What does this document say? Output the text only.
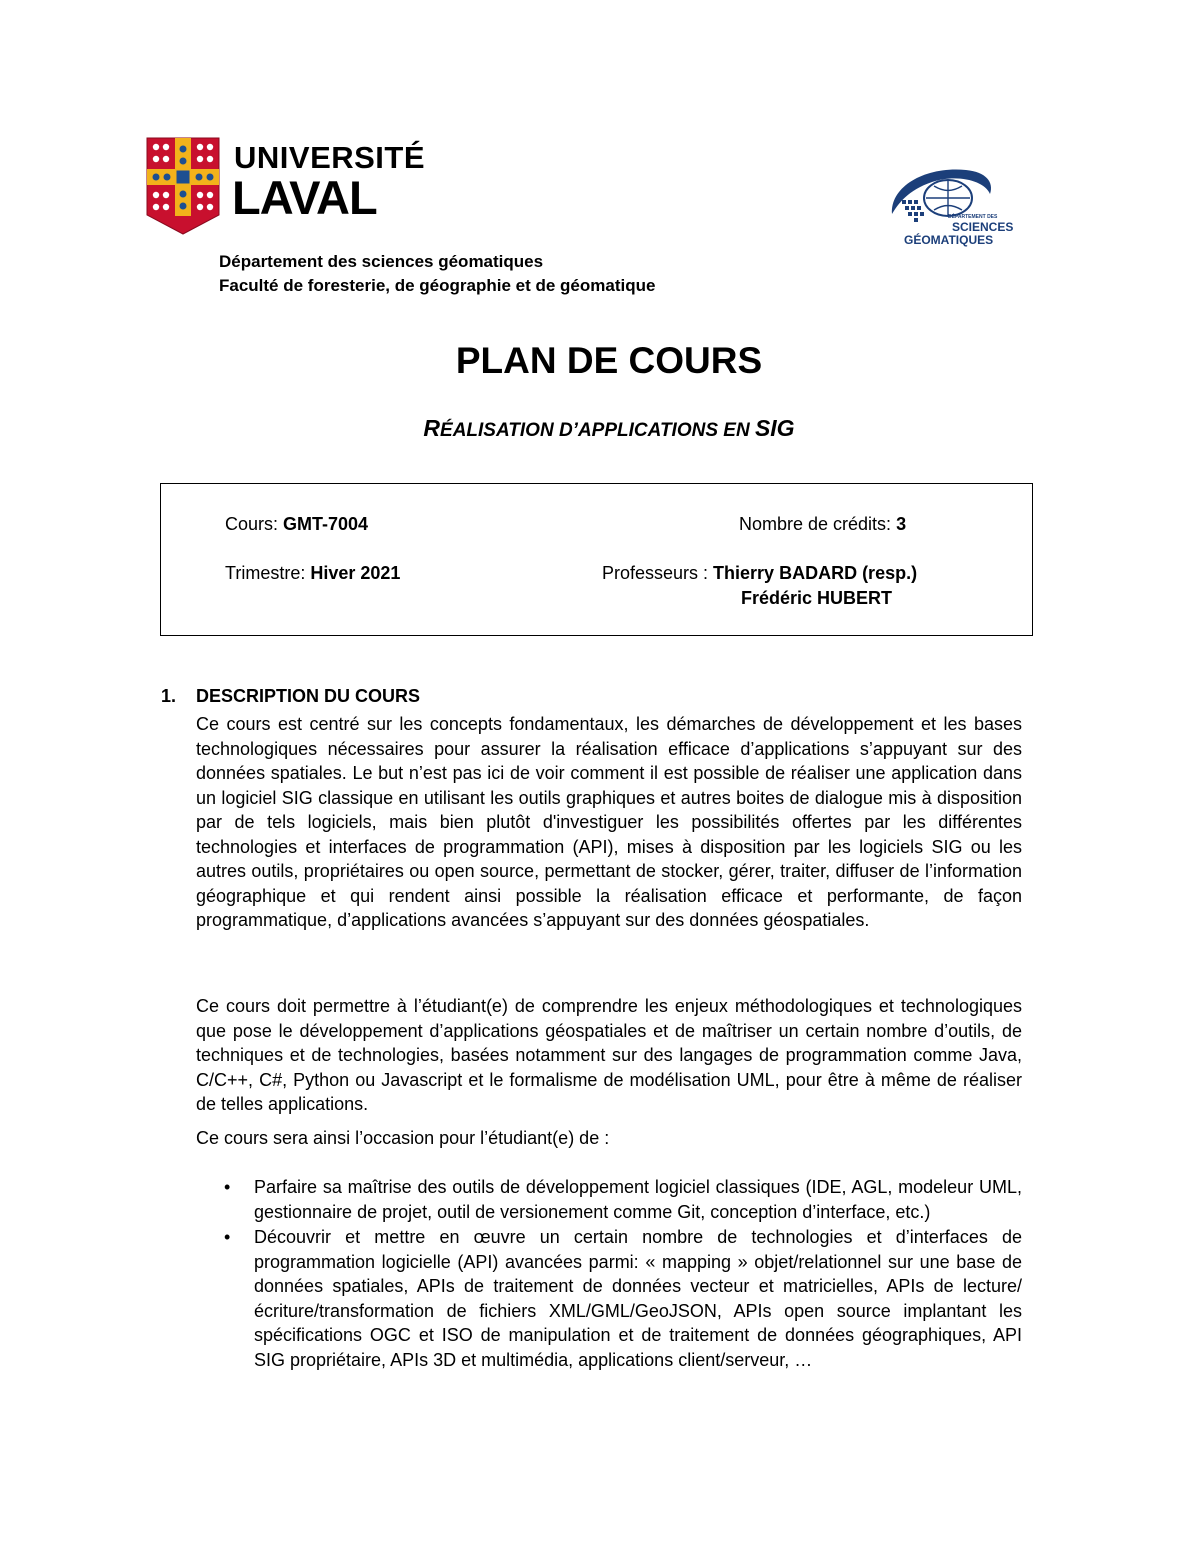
UNIVERSITÉ
LAVAL	DÉPARTEMENT DES
SCIENCES
GÉOMATIQUES
Département des sciences géomatiques
Faculté de foresterie, de géographie et de géomatique
PLAN DE COURS
RÉALISATION D’APPLICATIONS EN SIG
Cours: GMT-7004	Nombre de crédits: 3
Trimestre: Hiver 2021	Professeurs : Thierry BADARD (resp.)
Frédéric HUBERT
1. DESCRIPTION DU COURS
Ce cours est centré sur les concepts fondamentaux, les démarches de développement et les bases technologiques nécessaires pour assurer la réalisation efficace d’applications s’appuyant sur des données spatiales. Le but n’est pas ici de voir comment il est possible de réaliser une application dans un logiciel SIG classique en utilisant les outils graphiques et autres boites de dialogue mis à disposition par de tels logiciels, mais bien plutôt d'investiguer les possibilités offertes par les différentes technologies et interfaces de programmation (API), mises à disposition par les logiciels SIG ou les autres outils, propriétaires ou open source, permettant de stocker, gérer, traiter, diffuser de l’information géographique et qui rendent ainsi possible la réalisation efficace et performante, de façon programmatique, d’applications avancées s’appuyant sur des données géospatiales.
Ce cours doit permettre à l’étudiant(e) de comprendre les enjeux méthodologiques et technologiques que pose le développement d’applications géospatiales et de maîtriser un certain nombre d’outils, de techniques et de technologies, basées notamment sur des langages de programmation comme Java, C/C++, C#, Python ou Javascript et le formalisme de modélisation UML, pour être à même de réaliser de telles applications.
Ce cours sera ainsi l’occasion pour l’étudiant(e) de :
• Parfaire sa maîtrise des outils de développement logiciel classiques (IDE, AGL, modeleur UML, gestionnaire de projet, outil de versionement comme Git, conception d’interface, etc.)
• Découvrir et mettre en œuvre un certain nombre de technologies et d’interfaces de programmation logicielle (API) avancées parmi: « mapping » objet/relationnel sur une base de données spatiales, APIs de traitement de données vecteur et matricielles, APIs de lecture/écriture/transformation de fichiers XML/GML/GeoJSON, APIs open source implantant les spécifications OGC et ISO de manipulation et de traitement de données géographiques, API SIG propriétaire, APIs 3D et multimédia, applications client/serveur, …
